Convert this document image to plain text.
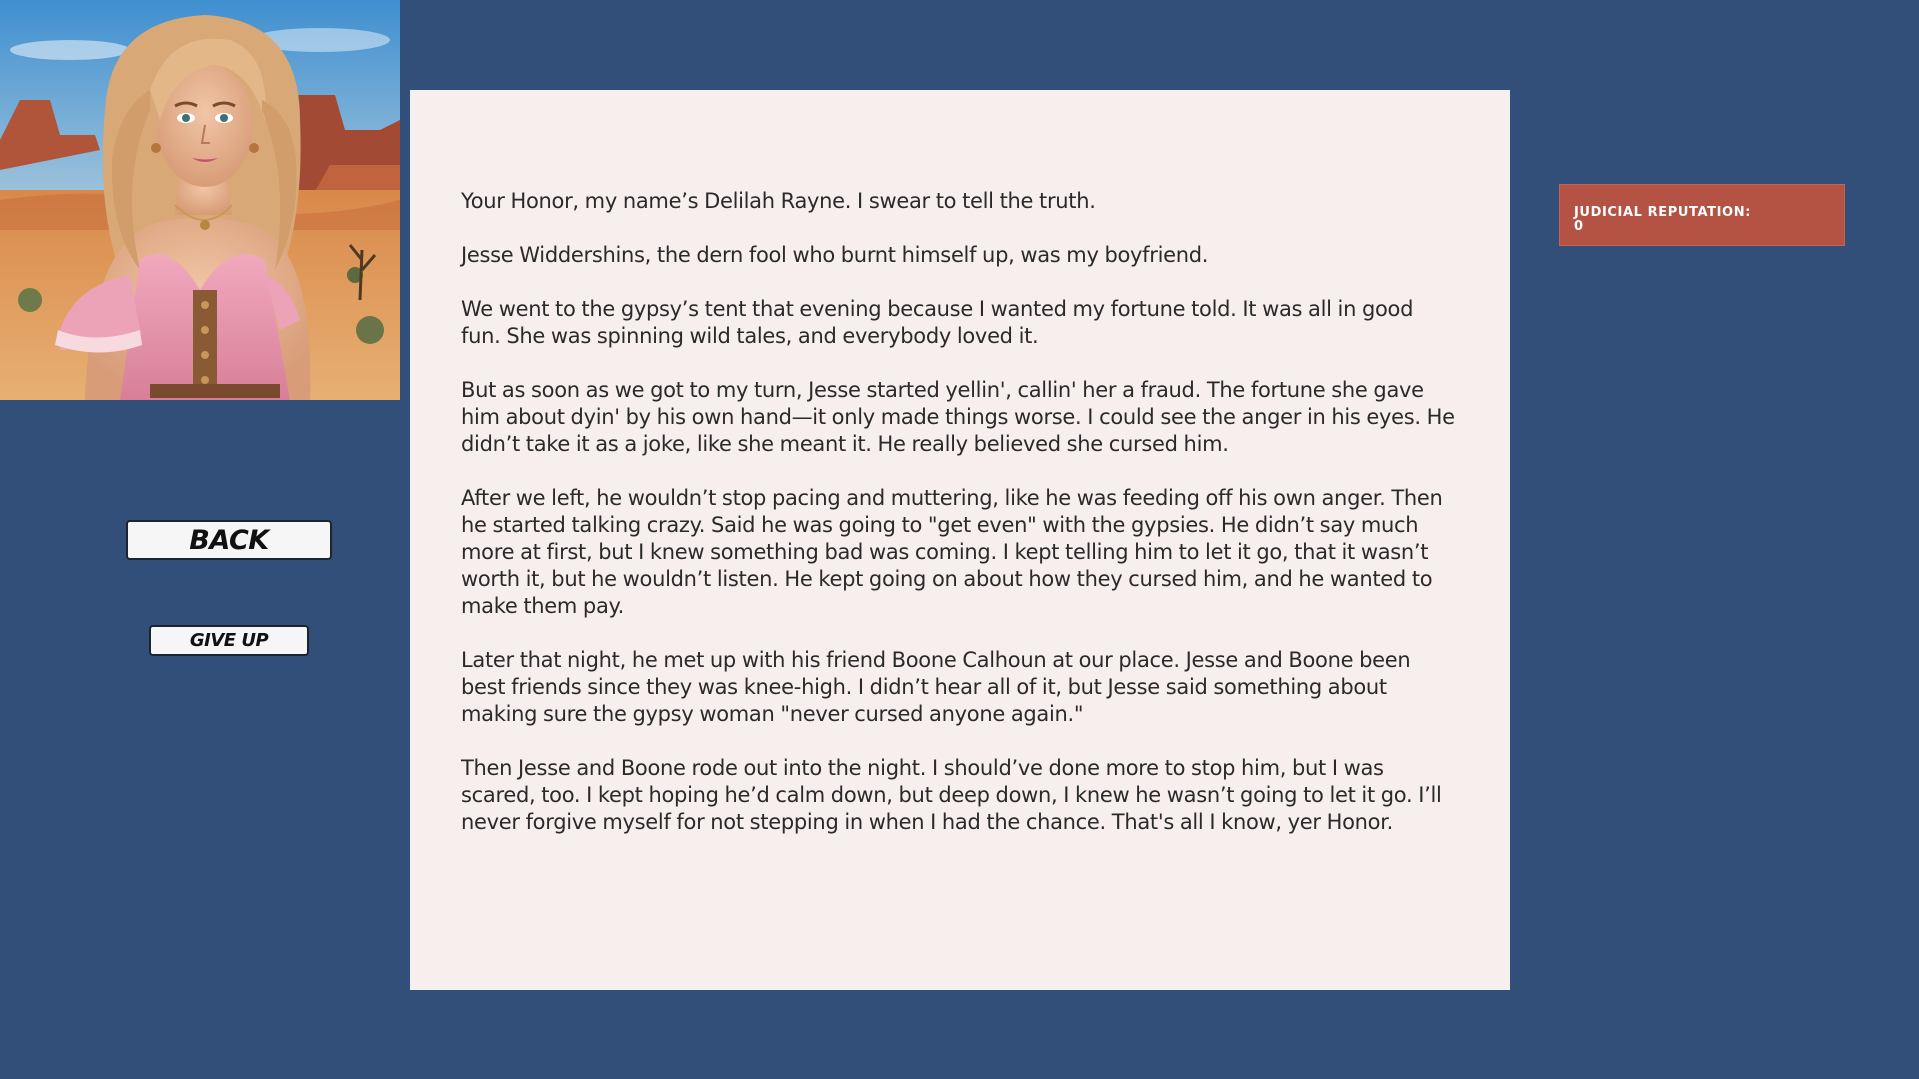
BACK
GIVE UP

Your Honor, my name’s Delilah Rayne. I swear to tell the truth.

Jesse Widdershins, the dern fool who burnt himself up, was my boyfriend.

We went to the gypsy’s tent that evening because I wanted my fortune told. It was all in good fun. She was spinning wild tales, and everybody loved it.

But as soon as we got to my turn, Jesse started yellin', callin' her a fraud. The fortune she gave him about dyin' by his own hand—it only made things worse. I could see the anger in his eyes. He didn’t take it as a joke, like she meant it. He really believed she cursed him.

After we left, he wouldn’t stop pacing and muttering, like he was feeding off his own anger. Then he started talking crazy. Said he was going to "get even" with the gypsies. He didn’t say much more at first, but I knew something bad was coming. I kept telling him to let it go, that it wasn’t worth it, but he wouldn’t listen. He kept going on about how they cursed him, and he wanted to make them pay.

Later that night, he met up with his friend Boone Calhoun at our place. Jesse and Boone been best friends since they was knee-high. I didn’t hear all of it, but Jesse said something about making sure the gypsy woman "never cursed anyone again."

Then Jesse and Boone rode out into the night. I should’ve done more to stop him, but I was scared, too. I kept hoping he’d calm down, but deep down, I knew he wasn’t going to let it go. I’ll never forgive myself for not stepping in when I had the chance. That's all I know, yer Honor.

JUDICIAL REPUTATION:
0
